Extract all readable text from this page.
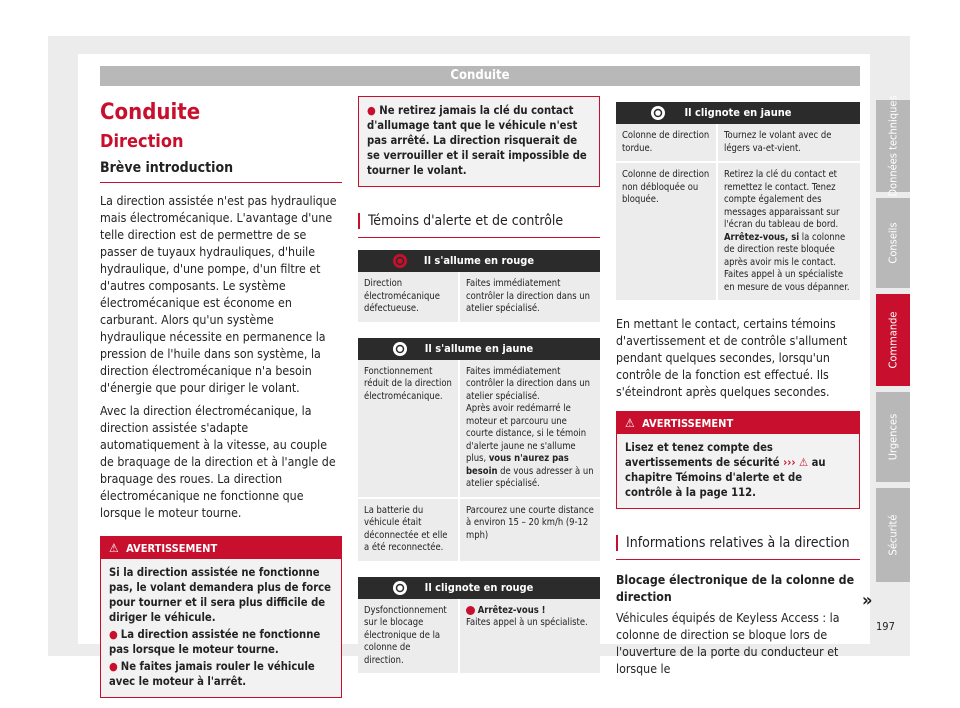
Conduite
Conduite
Direction
Brève introduction

La direction assistée n'est pas hydraulique mais électromécanique. L'avantage d'une telle direction est de permettre de se passer de tuyaux hydrauliques, d'huile hydraulique, d'une pompe, d'un filtre et d'autres composants. Le système électromécanique est économe en carburant. Alors qu'un système hydraulique nécessite en permanence la pression de l'huile dans son système, la direction électromécanique n'a besoin d'énergie que pour diriger le volant.

Avec la direction électromécanique, la direction assistée s'adapte automatiquement à la vitesse, au couple de braquage de la direction et à l'angle de braquage des roues. La direction électromécanique ne fonctionne que lorsque le moteur tourne.

⚠ AVERTISSEMENT
Si la direction assistée ne fonctionne pas, le volant demandera plus de force pour tourner et il sera plus difficile de diriger le véhicule.
● La direction assistée ne fonctionne pas lorsque le moteur tourne.
● Ne faites jamais rouler le véhicule avec le moteur à l'arrêt.
● Ne retirez jamais la clé du contact d'allumage tant que le véhicule n'est pas arrêté. La direction risquerait de se verrouiller et il serait impossible de tourner le volant.
Témoins d'alerte et de contrôle
Il s'allume en rouge
Direction électromécanique défectueuse.
Faites immédiatement contrôler la direction dans un atelier spécialisé.
Il s'allume en jaune
Fonctionnement réduit de la direction électromécanique.
Faites immédiatement contrôler la direction dans un atelier spécialisé.
Après avoir redémarré le moteur et parcouru une courte distance, si le témoin d'alerte jaune ne s'allume plus, vous n'aurez pas besoin de vous adresser à un atelier spécialisé.
La batterie du véhicule était déconnectée et elle a été reconnectée.
Parcourez une courte distance à environ 15 – 20 km/h (9-12 mph)
Il clignote en rouge
Dysfonctionnement sur le blocage électronique de la colonne de direction.
Arrêtez-vous !
Faites appel à un spécialiste.
Il clignote en jaune
Colonne de direction tordue.
Tournez le volant avec de légers va-et-vient.
Colonne de direction non débloquée ou bloquée.
Retirez la clé du contact et remettez le contact. Tenez compte également des messages apparaissant sur l'écran du tableau de bord.
Arrêtez-vous, si la colonne de direction reste bloquée après avoir mis le contact. Faites appel à un spécialiste en mesure de vous dépanner.

En mettant le contact, certains témoins d'avertissement et de contrôle s'allument pendant quelques secondes, lorsqu'un contrôle de la fonction est effectué. Ils s'éteindront après quelques secondes.

⚠ AVERTISSEMENT
Lisez et tenez compte des avertissements de sécurité ››› ⚠ au chapitre Témoins d'alerte et de contrôle à la page 112.
Informations relatives à la direction
Blocage électronique de la colonne de direction

Véhicules équipés de Keyless Access : la colonne de direction se bloque lors de l'ouverture de la porte du conducteur et lorsque le

Données techniques
Conseils
Commande
Urgences
Sécurité
»
197
